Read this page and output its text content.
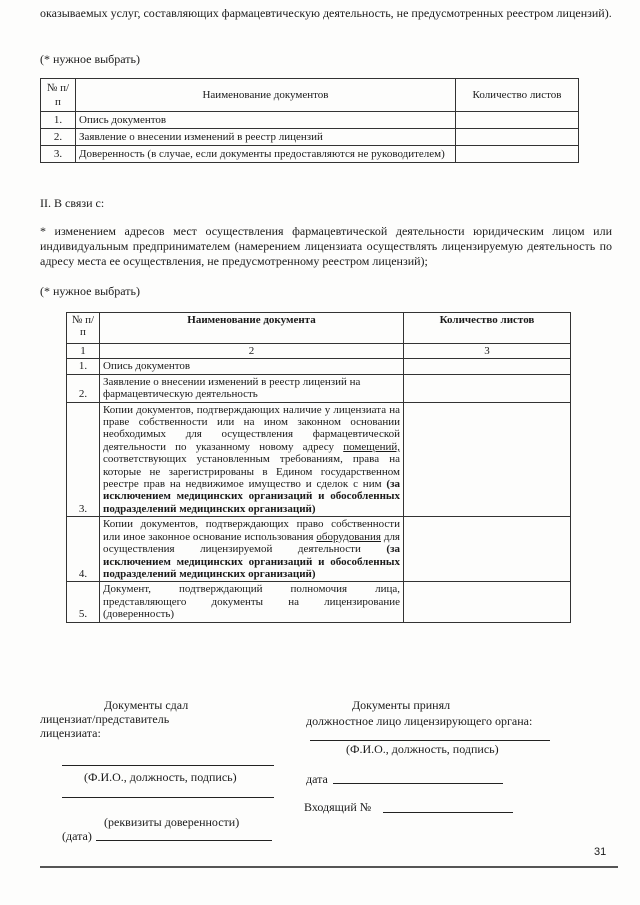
оказываемых услуг, составляющих фармацевтическую деятельность, не предусмотренных реестром лицензий).

(* нужное выбрать)

№ п/п	Наименование документов	Количество листов
1.	Опись документов	
2.	Заявление о внесении изменений в реестр лицензий	
3.	Доверенность (в случае, если документы предоставляются не руководителем)	

II. В связи с:

* изменением адресов мест осуществления фармацевтической деятельности юридическим лицом или индивидуальным предпринимателем (намерением лицензиата осуществлять лицензируемую деятельность по адресу места ее осуществления, не предусмотренному реестром лицензий);

(* нужное выбрать)

№ п/п	Наименование документа	Количество листов
1	2	3
1.	Опись документов	
2.	Заявление о внесении изменений в реестр лицензий на фармацевтическую деятельность	
3.	Копии документов, подтверждающих наличие у лицензиата на праве собственности или на ином законном основании необходимых для осуществления фармацевтической деятельности по указанному новому адресу помещений, соответствующих установленным требованиям, права на которые не зарегистрированы в Едином государственном реестре прав на недвижимое имущество и сделок с ним (за исключением медицинских организаций и обособленных подразделений медицинских организаций)	
4.	Копии документов, подтверждающих право собственности или иное законное основание использования оборудования для осуществления лицензируемой деятельности (за исключением медицинских организаций и обособленных подразделений медицинских организаций)	
5.	Документ, подтверждающий полномочия лица, представляющего документы на лицензирование (доверенность)	

Документы сдал

лицензиат/представитель

лицензиата:

Документы принял

должностное лицо лицензирующего органа:

(Ф.И.О., должность, подпись)

(Ф.И.О., должность, подпись)	дата

Входящий №

(реквизиты доверенности)

(дата)

31
